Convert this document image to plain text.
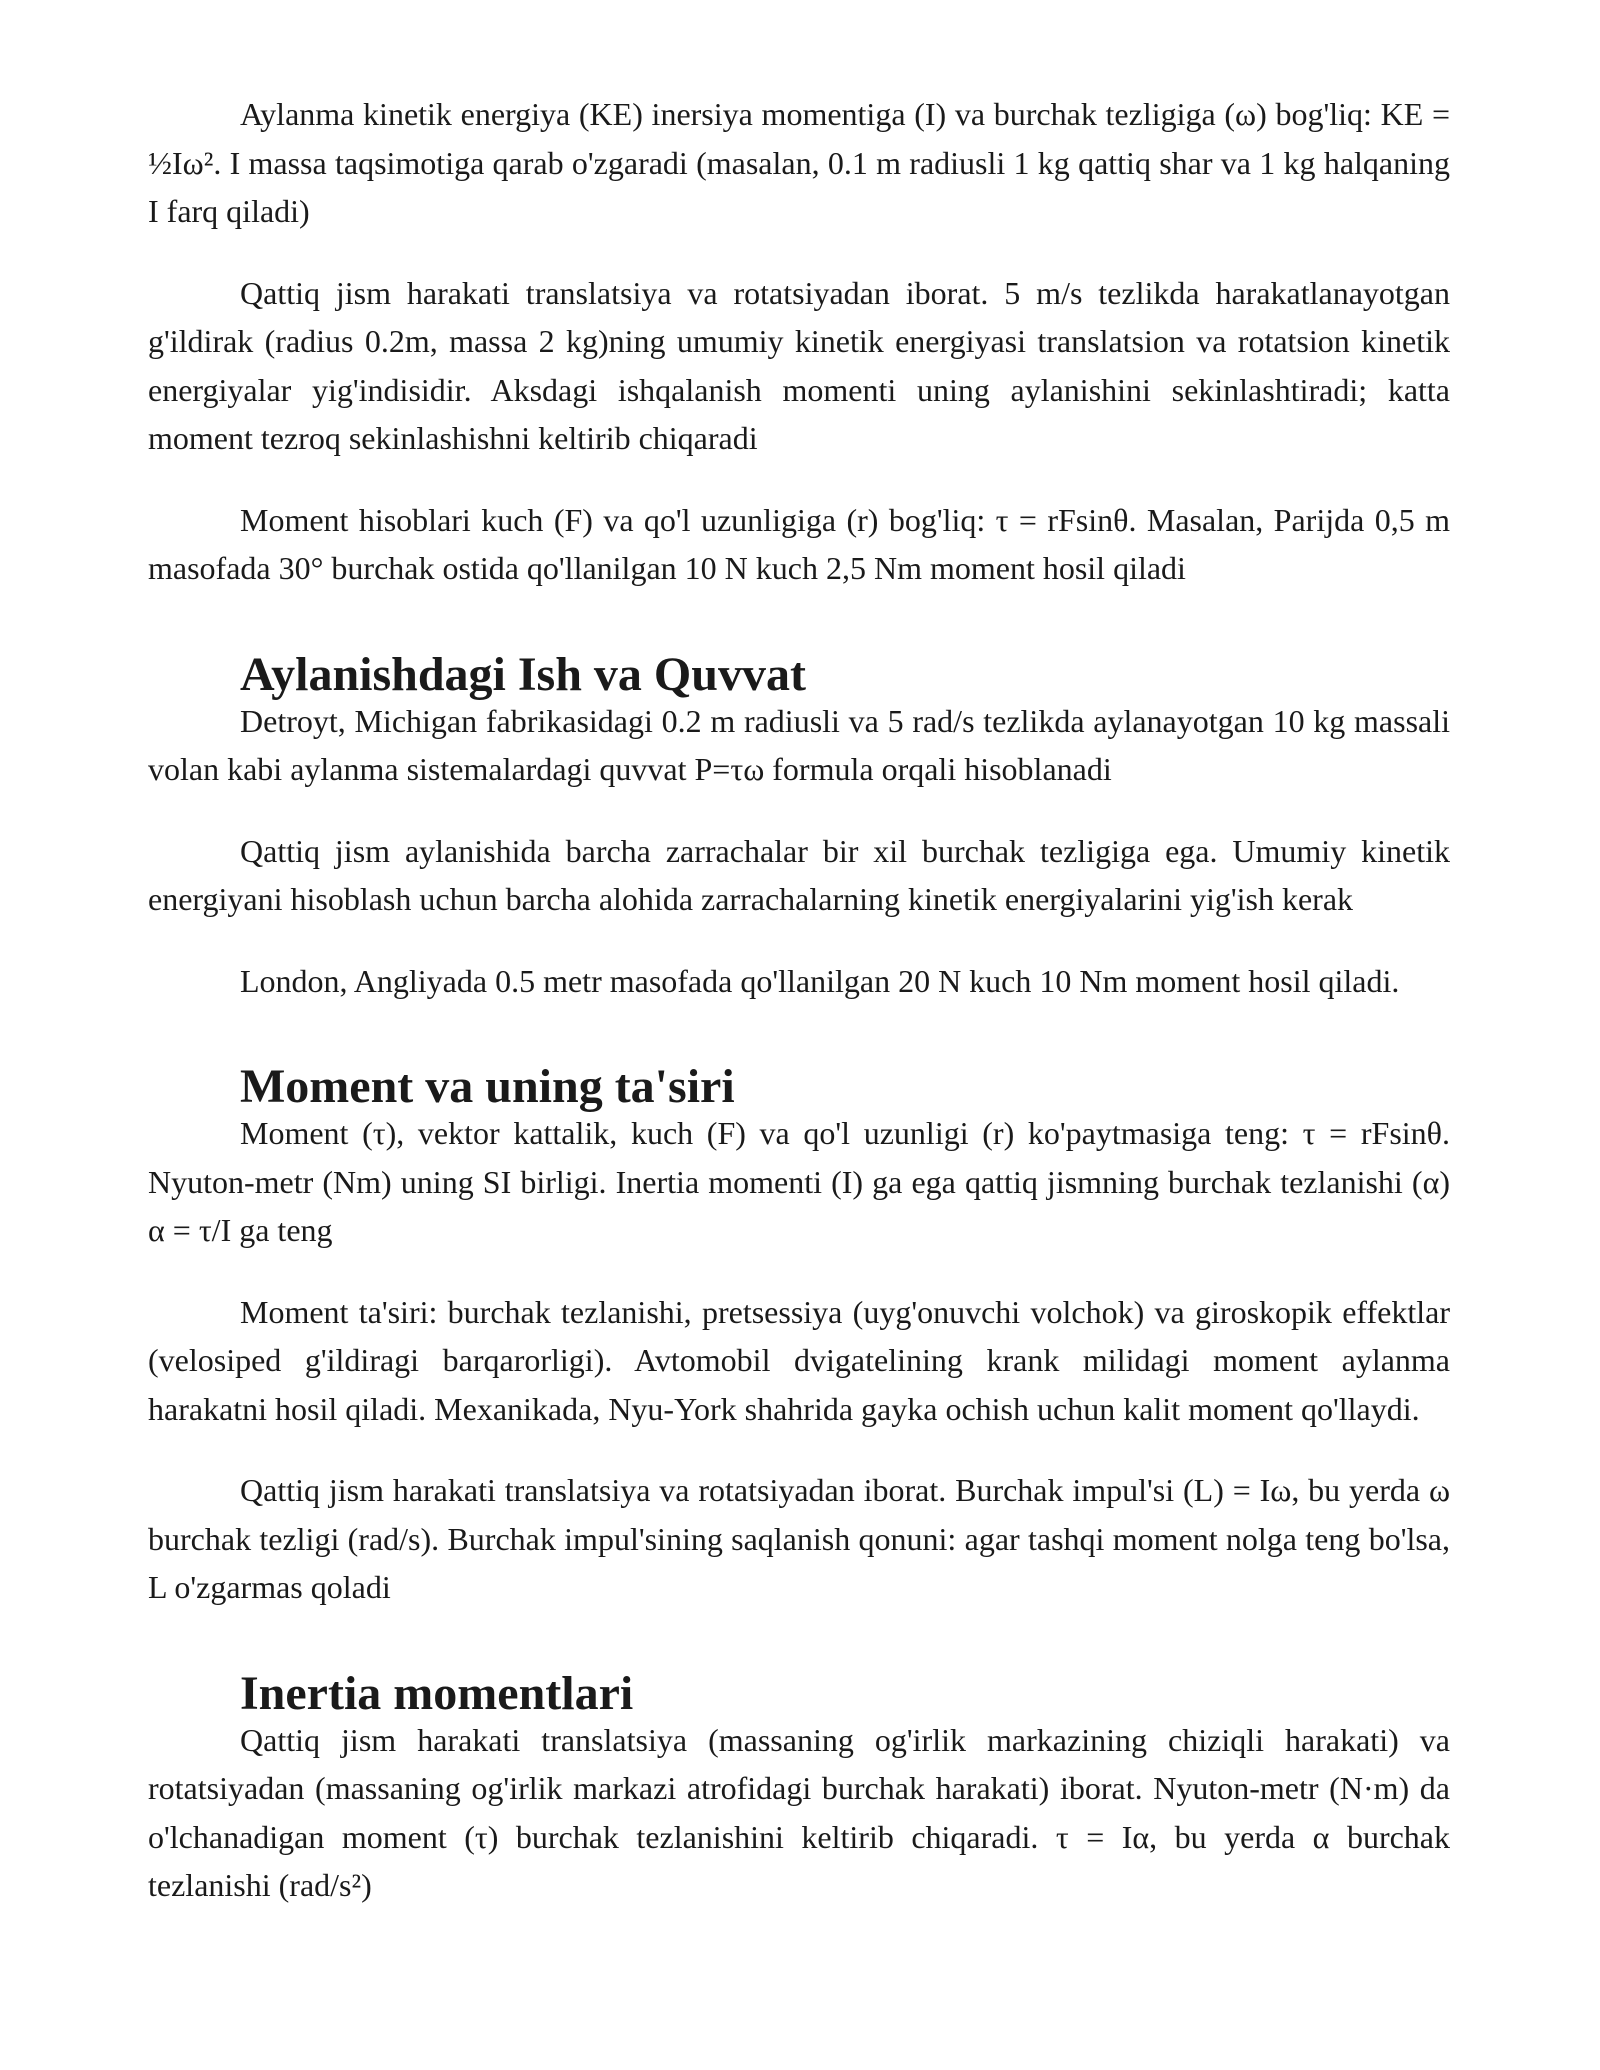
Aylanma kinetik energiya (KE) inersiya momentiga (I) va burchak tezligiga (ω) bog'liq: KE = ½Iω². I massa taqsimotiga qarab o'zgaradi (masalan, 0.1 m radiusli 1 kg qattiq shar va 1 kg halqaning I farq qiladi)

Qattiq jism harakati translatsiya va rotatsiyadan iborat. 5 m/s tezlikda harakatlanayotgan g'ildirak (radius 0.2m, massa 2 kg)ning umumiy kinetik energiyasi translatsion va rotatsion kinetik energiyalar yig'indisidir. Aksdagi ishqalanish momenti uning aylanishini sekinlashtiradi; katta moment tezroq sekinlashishni keltirib chiqaradi

Moment hisoblari kuch (F) va qo'l uzunligiga (r) bog'liq: τ = rFsinθ. Masalan, Parijda 0,5 m masofada 30° burchak ostida qo'llanilgan 10 N kuch 2,5 Nm moment hosil qiladi

Aylanishdagi Ish va Quvvat

Detroyt, Michigan fabrikasidagi 0.2 m radiusli va 5 rad/s tezlikda aylanayotgan 10 kg massali volan kabi aylanma sistemalardagi quvvat P=τω formula orqali hisoblanadi

Qattiq jism aylanishida barcha zarrachalar bir xil burchak tezligiga ega. Umumiy kinetik energiyani hisoblash uchun barcha alohida zarrachalarning kinetik energiyalarini yig'ish kerak

London, Angliyada 0.5 metr masofada qo'llanilgan 20 N kuch 10 Nm moment hosil qiladi.

Moment va uning ta'siri

Moment (τ), vektor kattalik, kuch (F) va qo'l uzunligi (r) ko'paytmasiga teng: τ = rFsinθ. Nyuton-metr (Nm) uning SI birligi. Inertia momenti (I) ga ega qattiq jismning burchak tezlanishi (α) α = τ/I ga teng

Moment ta'siri: burchak tezlanishi, pretsessiya (uyg'onuvchi volchok) va giroskopik effektlar (velosiped g'ildiragi barqarorligi). Avtomobil dvigatelining krank milidagi moment aylanma harakatni hosil qiladi. Mexanikada, Nyu-York shahrida gayka ochish uchun kalit moment qo'llaydi.

Qattiq jism harakati translatsiya va rotatsiyadan iborat. Burchak impul'si (L) = Iω, bu yerda ω burchak tezligi (rad/s). Burchak impul'sining saqlanish qonuni: agar tashqi moment nolga teng bo'lsa, L o'zgarmas qoladi

Inertia momentlari

Qattiq jism harakati translatsiya (massaning og'irlik markazining chiziqli harakati) va rotatsiyadan (massaning og'irlik markazi atrofidagi burchak harakati) iborat. Nyuton-metr (N·m) da o'lchanadigan moment (τ) burchak tezlanishini keltirib chiqaradi. τ = Iα, bu yerda α burchak tezlanishi (rad/s²)
